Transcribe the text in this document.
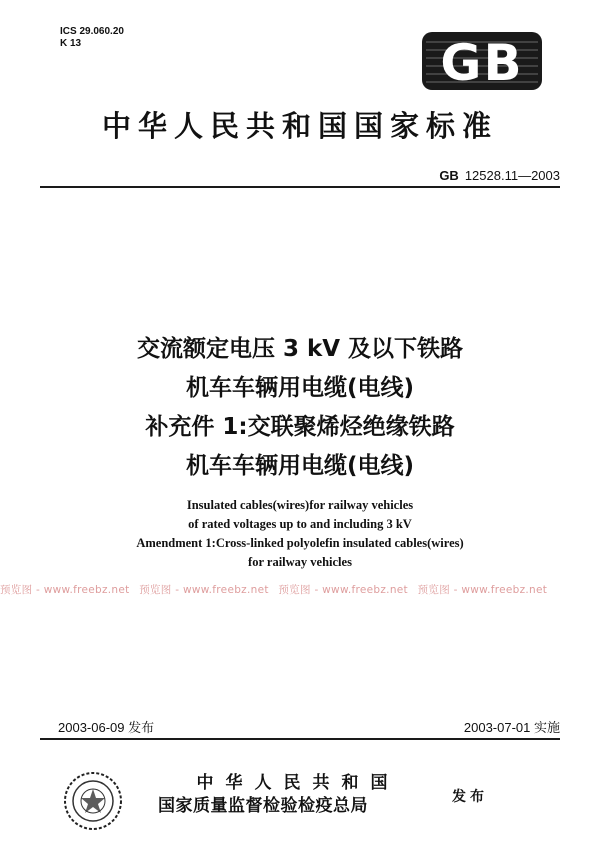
ICS 29.060.20
K 13	GB
中华人民共和国国家标准
GB 12528.11—2003
交流额定电压 3 kV 及以下铁路
机车车辆用电缆(电线)
补充件 1:交联聚烯烃绝缘铁路
机车车辆用电缆(电线)
Insulated cables(wires)for railway vehicles
of rated voltages up to and including 3 kV
Amendment 1:Cross-linked polyolefin insulated cables(wires)
for railway vehicles
预览图 - www.freebz.net 预览图 - www.freebz.net 预览图 - www.freebz.net 预览图 - www.freebz.net
2003-06-09 发布	2003-07-01 实施
中华人民共和国
国家质量监督检验检疫总局	发布
